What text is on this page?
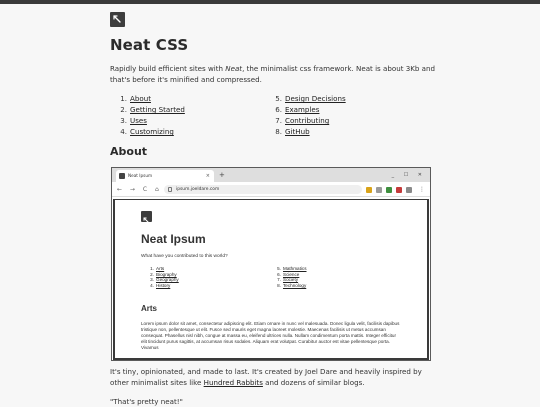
Neat CSS

Rapidly build efficient sites with Neat, the minimalist css framework. Neat is about 3Kb and that's before it's minified and compressed.

1. About
2. Getting Started
3. Uses
4. Customizing
5. Design Decisions
6. Examples
7. Contributing
8. GitHub
About
Neat Ipsum	× +	_ ☐ ✕
← → C ⌂	ipsum.joeldare.com	⋮
Neat Ipsum

What have you contributed to this world?

1. Arts
2. Biography
3. Geography
4. History
5. Mathmatics
6. Science
7. Society
8. Technology
Arts

Lorem ipsum dolor sit amet, consectetur adipiscing elit. Etiam ornare in nunc vel malesuada. Donec ligula velit, facilisis dapibus tristique non, pellentesque ut elit. Fusce sed mauris eget magna laoreet molestie. Maecenas facilisis ut metus accumsan consequat. Phasellus nisl nibh, congue at massa eu, eleifend ultrices nulla. Nullam condimentum porta mattis. Integer efficitur elit tincidunt purus sagittis, at accumsan risus sodales. Aliquam erat volutpat. Curabitur auctor est vitae pellentesque porta. Vivamus

It's tiny, opinionated, and made to last. It's created by Joel Dare and heavily inspired by other minimalist sites like Hundred Rabbits and dozens of similar blogs.

"That's pretty neat!"
